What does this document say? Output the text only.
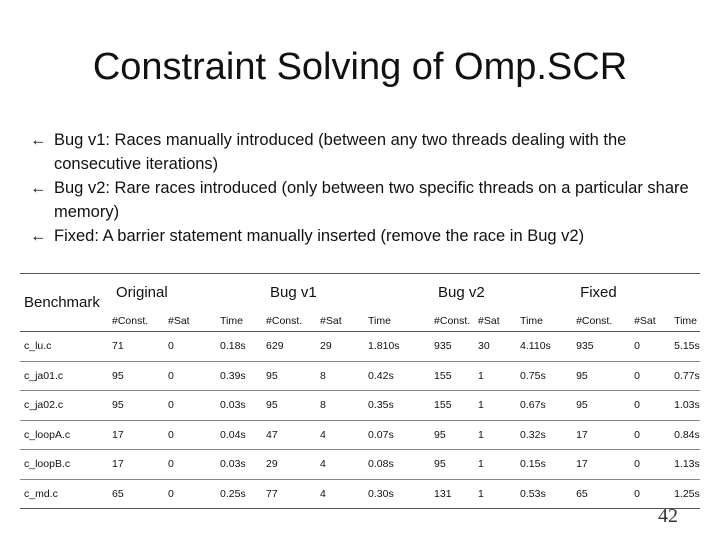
Constraint Solving of Omp.SCR
← Bug v1: Races manually introduced (between any two threads dealing with the consecutive iterations)
← Bug v2: Rare races introduced (only between two specific threads on a particular share memory)
← Fixed: A barrier statement manually inserted (remove the race in Bug v2)
Benchmark	Original			Bug v1			Bug v2			Fixed		
	#Const.	#Sat	Time	#Const.	#Sat	Time	#Const.	#Sat	Time	#Const.	#Sat	Time
c_lu.c	71	0	0.18s	629	29	1.810s	935	30	4.110s	935	0	5.15s
c_ja01.c	95	0	0.39s	95	8	0.42s	155	1	0.75s	95	0	0.77s
c_ja02.c	95	0	0.03s	95	8	0.35s	155	1	0.67s	95	0	1.03s
c_loopA.c	17	0	0.04s	47	4	0.07s	95	1	0.32s	17	0	0.84s
c_loopB.c	17	0	0.03s	29	4	0.08s	95	1	0.15s	17	0	1.13s
c_md.c	65	0	0.25s	77	4	0.30s	131	1	0.53s	65	0	1.25s
42
